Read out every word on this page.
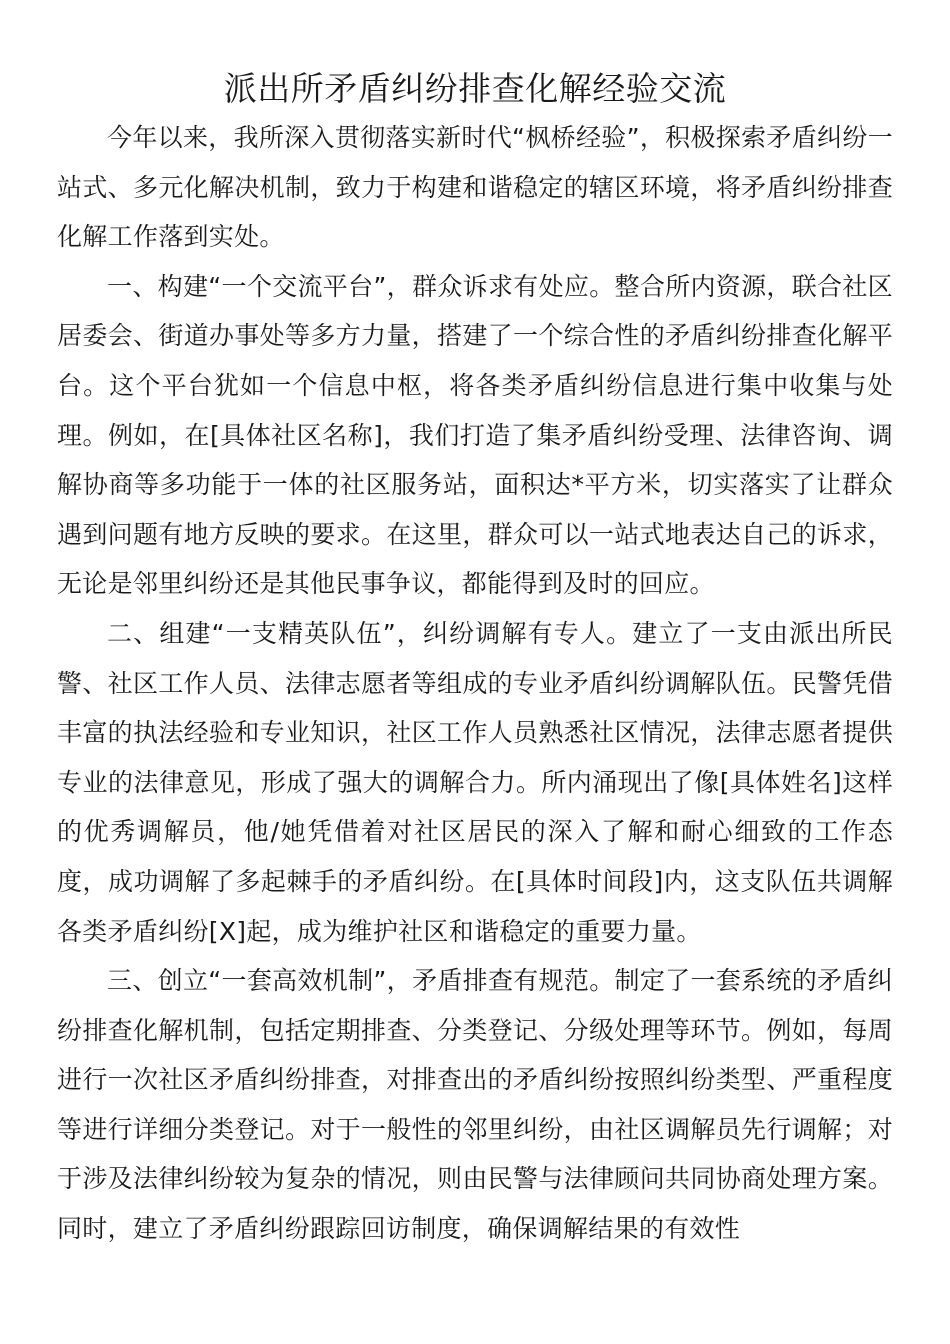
派出所矛盾纠纷排查化解经验交流

今年以来，我所深入贯彻落实新时代“枫桥经验”，积极探索矛盾纠纷一站式、多元化解决机制，致力于构建和谐稳定的辖区环境，将矛盾纠纷排查化解工作落到实处。

一、构建“一个交流平台”，群众诉求有处应。整合所内资源，联合社区居委会、街道办事处等多方力量，搭建了一个综合性的矛盾纠纷排查化解平台。这个平台犹如一个信息中枢，将各类矛盾纠纷信息进行集中收集与处理。例如，在[具体社区名称]，我们打造了集矛盾纠纷受理、法律咨询、调解协商等多功能于一体的社区服务站，面积达*平方米，切实落实了让群众遇到问题有地方反映的要求。在这里，群众可以一站式地表达自己的诉求，无论是邻里纠纷还是其他民事争议，都能得到及时的回应。

二、组建“一支精英队伍”，纠纷调解有专人。建立了一支由派出所民警、社区工作人员、法律志愿者等组成的专业矛盾纠纷调解队伍。民警凭借丰富的执法经验和专业知识，社区工作人员熟悉社区情况，法律志愿者提供专业的法律意见，形成了强大的调解合力。所内涌现出了像[具体姓名]这样的优秀调解员，他/她凭借着对社区居民的深入了解和耐心细致的工作态度，成功调解了多起棘手的矛盾纠纷。在[具体时间段]内，这支队伍共调解各类矛盾纠纷[X]起，成为维护社区和谐稳定的重要力量。

三、创立“一套高效机制”，矛盾排查有规范。制定了一套系统的矛盾纠纷排查化解机制，包括定期排查、分类登记、分级处理等环节。例如，每周进行一次社区矛盾纠纷排查，对排查出的矛盾纠纷按照纠纷类型、严重程度等进行详细分类登记。对于一般性的邻里纠纷，由社区调解员先行调解；对于涉及法律纠纷较为复杂的情况，则由民警与法律顾问共同协商处理方案。同时，建立了矛盾纠纷跟踪回访制度，确保调解结果的有效性
